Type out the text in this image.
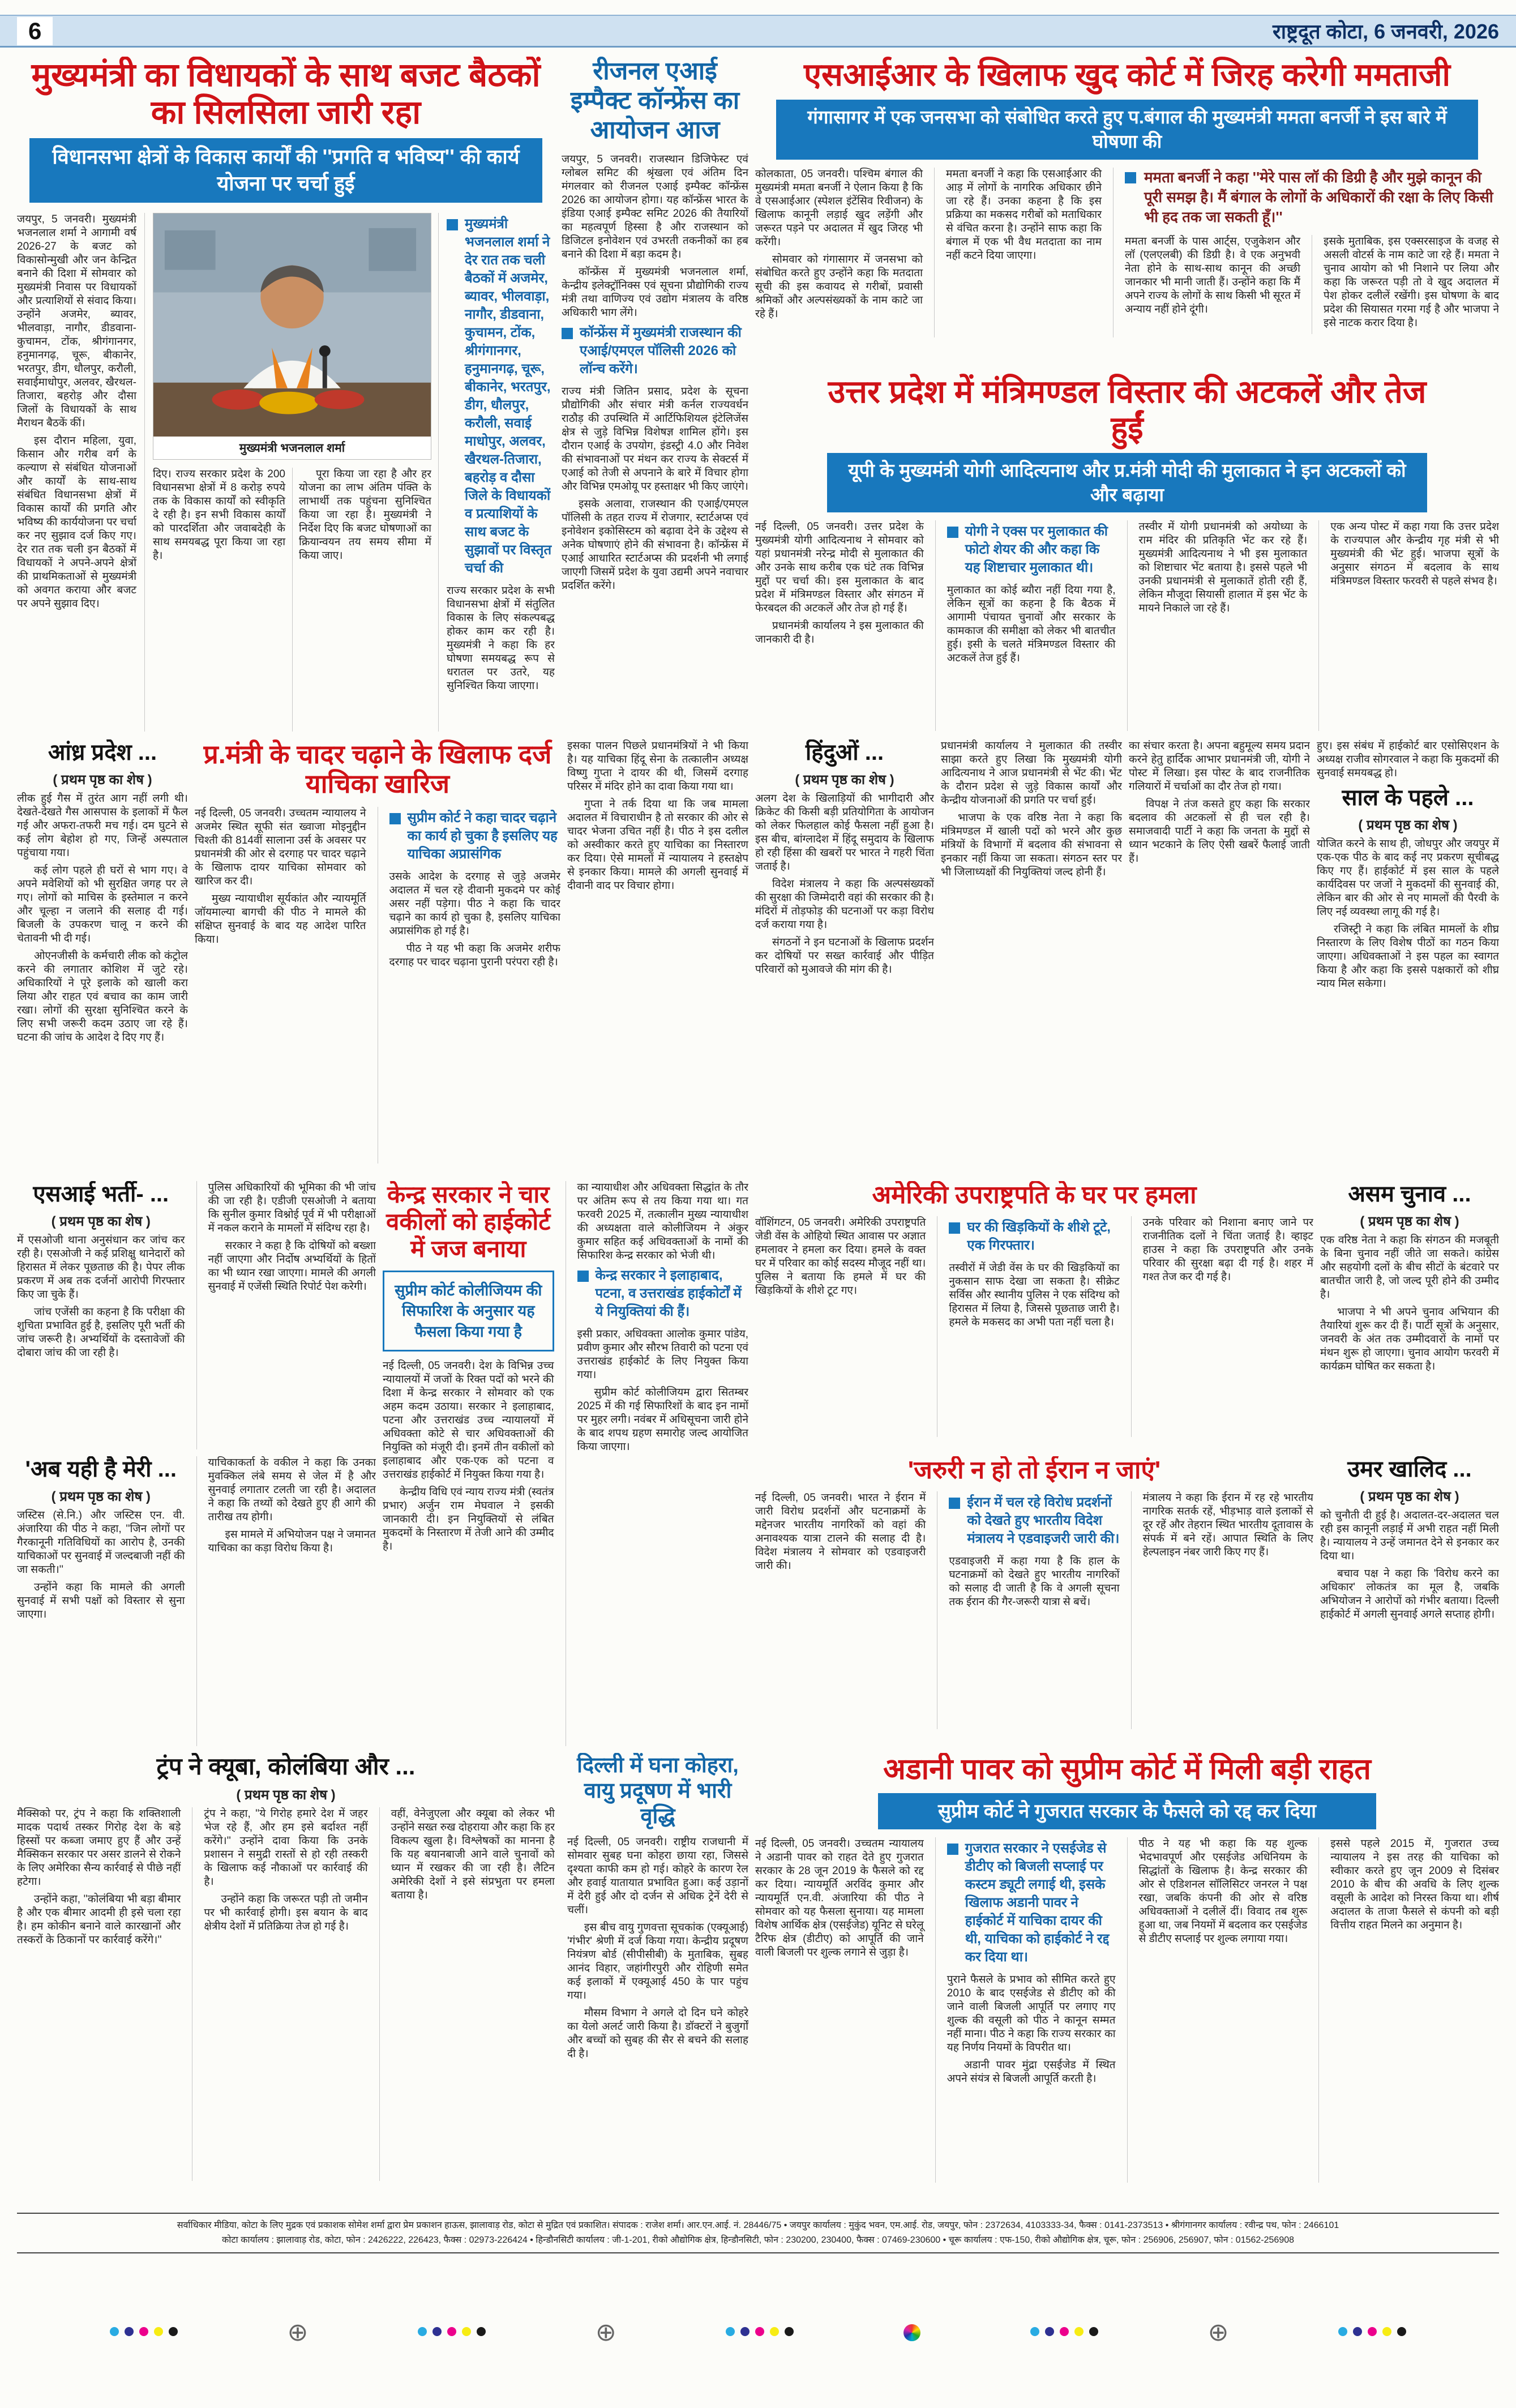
6	राष्ट्रदूत कोटा, 6 जनवरी, 2026
मुख्यमंत्री का विधायकों के साथ बजट बैठकों का सिलसिला जारी रहा
विधानसभा क्षेत्रों के विकास कार्यों की ''प्रगति व भविष्य'' की कार्य योजना पर चर्चा हुई

जयपुर, 5 जनवरी। मुख्यमंत्री भजनलाल शर्मा ने आगामी वर्ष 2026-27 के बजट को विकासोन्मुखी और जन केन्द्रित बनाने की दिशा में सोमवार को मुख्यमंत्री निवास पर विधायकों और प्रत्याशियों से संवाद किया। उन्होंने अजमेर, ब्यावर, भीलवाड़ा, नागौर, डीडवाना-कुचामन, टोंक, श्रीगंगानगर, हनुमानगढ़, चूरू, बीकानेर, भरतपुर, डीग, धौलपुर, करौली, सवाईमाधोपुर, अलवर, खैरथल-तिजारा, बहरोड़ और दौसा जिलों के विधायकों के साथ मैराथन बैठकें कीं।

इस दौरान महिला, युवा, किसान और गरीब वर्ग के कल्याण से संबंधित योजनाओं और कार्यों के साथ-साथ संबंधित विधानसभा क्षेत्रों में विकास कार्यों की प्रगति और भविष्य की कार्ययोजना पर चर्चा कर नए सुझाव दर्ज किए गए। देर रात तक चली इन बैठकों में विधायकों ने अपने-अपने क्षेत्रों की प्राथमिकताओं से मुख्यमंत्री को अवगत कराया और बजट पर अपने सुझाव दिए।

मुख्यमंत्री भजनलाल शर्मा
मुख्यमंत्री भजनलाल शर्मा ने देर रात तक चली बैठकों में अजमेर, ब्यावर, भीलवाड़ा, नागौर, डीडवाना, कुचामन, टोंक, श्रीगंगानगर, हनुमानगढ़, चूरू, बीकानेर, भरतपुर, डीग, धौलपुर, करौली, सवाई माधोपुर, अलवर, खैरथल-तिजारा, बहरोड़ व दौसा जिले के विधायकों व प्रत्याशियों के साथ बजट के सुझावों पर विस्तृत चर्चा की

राज्य सरकार प्रदेश के सभी विधानसभा क्षेत्रों में संतुलित विकास के लिए संकल्पबद्ध होकर काम कर रही है। मुख्यमंत्री ने कहा कि हर घोषणा समयबद्ध रूप से धरातल पर उतरे, यह सुनिश्चित किया जाएगा।

दिए। राज्य सरकार प्रदेश के 200 विधानसभा क्षेत्रों में 8 करोड़ रुपये तक के विकास कार्यों को स्वीकृति दे रही है। इन सभी विकास कार्यों को पारदर्शिता और जवाबदेही के साथ समयबद्ध पूरा किया जा रहा है।

पूरा किया जा रहा है और हर योजना का लाभ अंतिम पंक्ति के लाभार्थी तक पहुंचना सुनिश्चित किया जा रहा है। मुख्यमंत्री ने निर्देश दिए कि बजट घोषणाओं का क्रियान्वयन तय समय सीमा में किया जाए।

रीजनल एआई इम्पैक्ट कॉन्फ्रेंस का आयोजन आज

जयपुर, 5 जनवरी। राजस्थान डिजिफेस्ट एवं ग्लोबल समिट की श्रृंखला एवं अंतिम दिन मंगलवार को रीजनल एआई इम्पैक्ट कॉन्फ्रेंस 2026 का आयोजन होगा। यह कॉन्फ्रेंस भारत के इंडिया एआई इम्पैक्ट समिट 2026 की तैयारियों का महत्वपूर्ण हिस्सा है और राजस्थान को डिजिटल इनोवेशन एवं उभरती तकनीकों का हब बनाने की दिशा में बड़ा कदम है।

कॉन्फ्रेंस में मुख्यमंत्री भजनलाल शर्मा, केन्द्रीय इलेक्ट्रॉनिक्स एवं सूचना प्रौद्योगिकी राज्य मंत्री तथा वाणिज्य एवं उद्योग मंत्रालय के वरिष्ठ अधिकारी भाग लेंगे।

कॉन्फ्रेंस में मुख्यमंत्री राजस्थान की एआई/एमएल पॉलिसी 2026 को लॉन्च करेंगे।

राज्य मंत्री जितिन प्रसाद, प्रदेश के सूचना प्रौद्योगिकी और संचार मंत्री कर्नल राज्यवर्धन राठौड़ की उपस्थिति में आर्टिफिशियल इंटेलिजेंस क्षेत्र से जुड़े विभिन्न विशेषज्ञ शामिल होंगे। इस दौरान एआई के उपयोग, इंडस्ट्री 4.0 और निवेश की संभावनाओं पर मंथन कर राज्य के सेक्टर्स में एआई को तेजी से अपनाने के बारे में विचार होगा और विभिन्न एमओयू पर हस्ताक्षर भी किए जाएंगे।

इसके अलावा, राजस्थान की एआई/एमएल पॉलिसी के तहत राज्य में रोजगार, स्टार्टअप्स एवं इनोवेशन इकोसिस्टम को बढ़ावा देने के उद्देश्य से अनेक घोषणाएं होने की संभावना है। कॉन्फ्रेंस में एआई आधारित स्टार्टअप्स की प्रदर्शनी भी लगाई जाएगी जिसमें प्रदेश के युवा उद्यमी अपने नवाचार प्रदर्शित करेंगे।

एसआईआर के खिलाफ खुद कोर्ट में जिरह करेगी ममताजी
गंगासागर में एक जनसभा को संबोधित करते हुए प.बंगाल की मुख्यमंत्री ममता बनर्जी ने इस बारे में घोषणा की

कोलकाता, 05 जनवरी। पश्चिम बंगाल की मुख्यमंत्री ममता बनर्जी ने ऐलान किया है कि वे एसआईआर (स्पेशल इंटेंसिव रिवीजन) के खिलाफ कानूनी लड़ाई खुद लड़ेंगी और जरूरत पड़ने पर अदालत में खुद जिरह भी करेंगी।

सोमवार को गंगासागर में जनसभा को संबोधित करते हुए उन्होंने कहा कि मतदाता सूची की इस कवायद से गरीबों, प्रवासी श्रमिकों और अल्पसंख्यकों के नाम काटे जा रहे हैं।

ममता बनर्जी ने कहा कि एसआईआर की आड़ में लोगों के नागरिक अधिकार छीने जा रहे हैं। उनका कहना है कि इस प्रक्रिया का मकसद गरीबों को मताधिकार से वंचित करना है। उन्होंने साफ कहा कि बंगाल में एक भी वैध मतदाता का नाम नहीं कटने दिया जाएगा।

ममता बनर्जी ने कहा ''मेरे पास लॉ की डिग्री है और मुझे कानून की पूरी समझ है। मैं बंगाल के लोगों के अधिकारों की रक्षा के लिए किसी भी हद तक जा सकती हूँ।''

ममता बनर्जी के पास आर्ट्स, एजुकेशन और लॉ (एलएलबी) की डिग्री है। वे एक अनुभवी नेता होने के साथ-साथ कानून की अच्छी जानकार भी मानी जाती हैं। उन्होंने कहा कि मैं अपने राज्य के लोगों के साथ किसी भी सूरत में अन्याय नहीं होने दूंगी।

इसके मुताबिक, इस एक्सरसाइज के वजह से असली वोटर्स के नाम काटे जा रहे हैं। ममता ने चुनाव आयोग को भी निशाने पर लिया और कहा कि जरूरत पड़ी तो वे खुद अदालत में पेश होकर दलीलें रखेंगी। इस घोषणा के बाद प्रदेश की सियासत गरमा गई है और भाजपा ने इसे नाटक करार दिया है।

उत्तर प्रदेश में मंत्रिमण्डल विस्तार की अटकलें और तेज हुईं
यूपी के मुख्यमंत्री योगी आदित्यनाथ और प्र.मंत्री मोदी की मुलाकात ने इन अटकलों को और बढ़ाया

नई दिल्ली, 05 जनवरी। उत्तर प्रदेश के मुख्यमंत्री योगी आदित्यनाथ ने सोमवार को यहां प्रधानमंत्री नरेन्द्र मोदी से मुलाकात की और उनके साथ करीब एक घंटे तक विभिन्न मुद्दों पर चर्चा की। इस मुलाकात के बाद प्रदेश में मंत्रिमण्डल विस्तार और संगठन में फेरबदल की अटकलें और तेज हो गई हैं।

प्रधानमंत्री कार्यालय ने इस मुलाकात की जानकारी दी है।

योगी ने एक्स पर मुलाकात की फोटो शेयर की और कहा कि यह शिष्टाचार मुलाकात थी।

मुलाकात का कोई ब्यौरा नहीं दिया गया है, लेकिन सूत्रों का कहना है कि बैठक में आगामी पंचायत चुनावों और सरकार के कामकाज की समीक्षा को लेकर भी बातचीत हुई। इसी के चलते मंत्रिमण्डल विस्तार की अटकलें तेज हुई हैं।

तस्वीर में योगी प्रधानमंत्री को अयोध्या के राम मंदिर की प्रतिकृति भेंट कर रहे हैं। मुख्यमंत्री आदित्यनाथ ने भी इस मुलाकात को शिष्टाचार भेंट बताया है। इससे पहले भी उनकी प्रधानमंत्री से मुलाकातें होती रही हैं, लेकिन मौजूदा सियासी हालात में इस भेंट के मायने निकाले जा रहे हैं।

एक अन्य पोस्ट में कहा गया कि उत्तर प्रदेश के राज्यपाल और केन्द्रीय गृह मंत्री से भी मुख्यमंत्री की भेंट हुई। भाजपा सूत्रों के अनुसार संगठन में बदलाव के साथ मंत्रिमण्डल विस्तार फरवरी से पहले संभव है।

आंध्र प्रदेश ...
( प्रथम पृष्ठ का शेष )

लीक हुई गैस में तुरंत आग नहीं लगी थी। देखते-देखते गैस आसपास के इलाकों में फैल गई और अफरा-तफरी मच गई। दम घुटने से कई लोग बेहोश हो गए, जिन्हें अस्पताल पहुंचाया गया।

कई लोग पहले ही घरों से भाग गए। वे अपने मवेशियों को भी सुरक्षित जगह पर ले गए। लोगों को माचिस के इस्तेमाल न करने और चूल्हा न जलाने की सलाह दी गई। बिजली के उपकरण चालू न करने की चेतावनी भी दी गई।

ओएनजीसी के कर्मचारी लीक को कंट्रोल करने की लगातार कोशिश में जुटे रहे। अधिकारियों ने पूरे इलाके को खाली करा लिया और राहत एवं बचाव का काम जारी रखा। लोगों की सुरक्षा सुनिश्चित करने के लिए सभी जरूरी कदम उठाए जा रहे हैं। घटना की जांच के आदेश दे दिए गए हैं।

प्र.मंत्री के चादर चढ़ाने के खिलाफ दर्ज याचिका खारिज

नई दिल्ली, 05 जनवरी। उच्चतम न्यायालय ने अजमेर स्थित सूफी संत ख्वाजा मोइनुद्दीन चिश्ती की 814वीं सालाना उर्स के अवसर पर प्रधानमंत्री की ओर से दरगाह पर चादर चढ़ाने के खिलाफ दायर याचिका सोमवार को खारिज कर दी।

मुख्य न्यायाधीश सूर्यकांत और न्यायमूर्ति जॉयमाल्या बागची की पीठ ने मामले की संक्षिप्त सुनवाई के बाद यह आदेश पारित किया।

सुप्रीम कोर्ट ने कहा चादर चढ़ाने का कार्य हो चुका है इसलिए यह याचिका अप्रासंगिक

उसके आदेश के दरगाह से जुड़े अजमेर अदालत में चल रहे दीवानी मुकदमे पर कोई असर नहीं पड़ेगा। पीठ ने कहा कि चादर चढ़ाने का कार्य हो चुका है, इसलिए याचिका अप्रासंगिक हो गई है।

पीठ ने यह भी कहा कि अजमेर शरीफ दरगाह पर चादर चढ़ाना पुरानी परंपरा रही है।

इसका पालन पिछले प्रधानमंत्रियों ने भी किया है। यह याचिका हिंदू सेना के तत्कालीन अध्यक्ष विष्णु गुप्ता ने दायर की थी, जिसमें दरगाह परिसर में मंदिर होने का दावा किया गया था।

गुप्ता ने तर्क दिया था कि जब मामला अदालत में विचाराधीन है तो सरकार की ओर से चादर भेजना उचित नहीं है। पीठ ने इस दलील को अस्वीकार करते हुए याचिका का निस्तारण कर दिया। ऐसे मामलों में न्यायालय ने हस्तक्षेप से इनकार किया। मामले की अगली सुनवाई में दीवानी वाद पर विचार होगा।

हिंदुओं ...
( प्रथम पृष्ठ का शेष )

अलग देश के खिलाड़ियों की भागीदारी और क्रिकेट की किसी बड़ी प्रतियोगिता के आयोजन को लेकर फिलहाल कोई फैसला नहीं हुआ है। इस बीच, बांग्लादेश में हिंदू समुदाय के खिलाफ हो रही हिंसा की खबरों पर भारत ने गहरी चिंता जताई है।

विदेश मंत्रालय ने कहा कि अल्पसंख्यकों की सुरक्षा की जिम्मेदारी वहां की सरकार की है। मंदिरों में तोड़फोड़ की घटनाओं पर कड़ा विरोध दर्ज कराया गया है।

संगठनों ने इन घटनाओं के खिलाफ प्रदर्शन कर दोषियों पर सख्त कार्रवाई और पीड़ित परिवारों को मुआवजे की मांग की है।

प्रधानमंत्री कार्यालय ने मुलाकात की तस्वीर साझा करते हुए लिखा कि मुख्यमंत्री योगी आदित्यनाथ ने आज प्रधानमंत्री से भेंट की। भेंट के दौरान प्रदेश से जुड़े विकास कार्यों और केन्द्रीय योजनाओं की प्रगति पर चर्चा हुई।

भाजपा के एक वरिष्ठ नेता ने कहा कि मंत्रिमण्डल में खाली पदों को भरने और कुछ मंत्रियों के विभागों में बदलाव की संभावना से इनकार नहीं किया जा सकता। संगठन स्तर पर भी जिलाध्यक्षों की नियुक्तियां जल्द होनी हैं।

का संचार करता है। अपना बहुमूल्य समय प्रदान करने हेतु हार्दिक आभार प्रधानमंत्री जी, योगी ने पोस्ट में लिखा। इस पोस्ट के बाद राजनीतिक गलियारों में चर्चाओं का दौर तेज हो गया।

विपक्ष ने तंज कसते हुए कहा कि सरकार बदलाव की अटकलों से ही चल रही है। समाजवादी पार्टी ने कहा कि जनता के मुद्दों से ध्यान भटकाने के लिए ऐसी खबरें फैलाई जाती हैं।

हुए। इस संबंध में हाईकोर्ट बार एसोसिएशन के अध्यक्ष राजीव सोगरवाल ने कहा कि मुकदमों की सुनवाई समयबद्ध हो।

साल के पहले ...
( प्रथम पृष्ठ का शेष )

योजित करने के साथ ही, जोधपुर और जयपुर में एक-एक पीठ के बाद कई नए प्रकरण सूचीबद्ध किए गए हैं। हाईकोर्ट में इस साल के पहले कार्यदिवस पर जजों ने मुकदमों की सुनवाई की, लेकिन बार की ओर से नए मामलों की पैरवी के लिए नई व्यवस्था लागू की गई है।

रजिस्ट्री ने कहा कि लंबित मामलों के शीघ्र निस्तारण के लिए विशेष पीठों का गठन किया जाएगा। अधिवक्ताओं ने इस पहल का स्वागत किया है और कहा कि इससे पक्षकारों को शीघ्र न्याय मिल सकेगा।

एसआई भर्ती- ...
( प्रथम पृष्ठ का शेष )

में एसओजी थाना अनुसंधान कर जांच कर रही है। एसओजी ने कई प्रशिक्षु थानेदारों को हिरासत में लेकर पूछताछ की है। पेपर लीक प्रकरण में अब तक दर्जनों आरोपी गिरफ्तार किए जा चुके हैं।

जांच एजेंसी का कहना है कि परीक्षा की शुचिता प्रभावित हुई है, इसलिए पूरी भर्ती की जांच जरूरी है। अभ्यर्थियों के दस्तावेजों की दोबारा जांच की जा रही है।

पुलिस अधिकारियों की भूमिका की भी जांच की जा रही है। एडीजी एसओजी ने बताया कि सुनील कुमार विश्नोई पूर्व में भी परीक्षाओं में नकल कराने के मामलों में संदिग्ध रहा है।

सरकार ने कहा है कि दोषियों को बख्शा नहीं जाएगा और निर्दोष अभ्यर्थियों के हितों का भी ध्यान रखा जाएगा। मामले की अगली सुनवाई में एजेंसी स्थिति रिपोर्ट पेश करेगी।

'अब यही है मेरी ...
( प्रथम पृष्ठ का शेष )

जस्टिस (से.नि.) और जस्टिस एन. वी. अंजारिया की पीठ ने कहा, ''जिन लोगों पर गैरकानूनी गतिविधियों का आरोप है, उनकी याचिकाओं पर सुनवाई में जल्दबाजी नहीं की जा सकती।''

उन्होंने कहा कि मामले की अगली सुनवाई में सभी पक्षों को विस्तार से सुना जाएगा।

याचिकाकर्ता के वकील ने कहा कि उनका मुवक्किल लंबे समय से जेल में है और सुनवाई लगातार टलती जा रही है। अदालत ने कहा कि तथ्यों को देखते हुए ही आगे की तारीख तय होगी।

इस मामले में अभियोजन पक्ष ने जमानत याचिका का कड़ा विरोध किया है।

केन्द्र सरकार ने चार वकीलों को हाईकोर्ट में जज बनाया
सुप्रीम कोर्ट कोलीजियम की सिफारिश के अनुसार यह फैसला किया गया है

नई दिल्ली, 05 जनवरी। देश के विभिन्न उच्च न्यायालयों में जजों के रिक्त पदों को भरने की दिशा में केन्द्र सरकार ने सोमवार को एक अहम कदम उठाया। सरकार ने इलाहाबाद, पटना और उत्तराखंड उच्च न्यायालयों में अधिवक्ता कोटे से चार अधिवक्ताओं की नियुक्ति को मंजूरी दी। इनमें तीन वकीलों को इलाहाबाद और एक-एक को पटना व उत्तराखंड हाईकोर्ट में नियुक्त किया गया है।

केन्द्रीय विधि एवं न्याय राज्य मंत्री (स्वतंत्र प्रभार) अर्जुन राम मेघवाल ने इसकी जानकारी दी। इन नियुक्तियों से लंबित मुकदमों के निस्तारण में तेजी आने की उम्मीद है।

का न्यायाधीश और अधिवक्ता सिद्धांत के तौर पर अंतिम रूप से तय किया गया था। गत फरवरी 2025 में, तत्कालीन मुख्य न्यायाधीश की अध्यक्षता वाले कोलीजियम ने अंकुर कुमार सहित कई अधिवक्ताओं के नामों की सिफारिश केन्द्र सरकार को भेजी थी।

केन्द्र सरकार ने इलाहाबाद, पटना, व उत्तराखंड हाईकोर्टों में ये नियुक्तियां की हैं।

इसी प्रकार, अधिवक्ता आलोक कुमार पांडेय, प्रवीण कुमार और सौरभ तिवारी को पटना एवं उत्तराखंड हाईकोर्ट के लिए नियुक्त किया गया।

सुप्रीम कोर्ट कोलीजियम द्वारा सितम्बर 2025 में की गई सिफारिशों के बाद इन नामों पर मुहर लगी। नवंबर में अधिसूचना जारी होने के बाद शपथ ग्रहण समारोह जल्द आयोजित किया जाएगा।

अमेरिकी उपराष्ट्रपति के घर पर हमला

वॉशिंगटन, 05 जनवरी। अमेरिकी उपराष्ट्रपति जेडी वेंस के ओहियो स्थित आवास पर अज्ञात हमलावर ने हमला कर दिया। हमले के वक्त घर में परिवार का कोई सदस्य मौजूद नहीं था। पुलिस ने बताया कि हमले में घर की खिड़कियों के शीशे टूट गए।

घर की खिड़कियों के शीशे टूटे, एक गिरफ्तार।

तस्वीरों में जेडी वेंस के घर की खिड़कियों का नुकसान साफ देखा जा सकता है। सीक्रेट सर्विस और स्थानीय पुलिस ने एक संदिग्ध को हिरासत में लिया है, जिससे पूछताछ जारी है। हमले के मकसद का अभी पता नहीं चला है।

उनके परिवार को निशाना बनाए जाने पर राजनीतिक दलों ने चिंता जताई है। व्हाइट हाउस ने कहा कि उपराष्ट्रपति और उनके परिवार की सुरक्षा बढ़ा दी गई है। शहर में गश्त तेज कर दी गई है।

'जरुरी न हो तो ईरान न जाएं'

नई दिल्ली, 05 जनवरी। भारत ने ईरान में जारी विरोध प्रदर्शनों और घटनाक्रमों के मद्देनजर भारतीय नागरिकों को वहां की अनावश्यक यात्रा टालने की सलाह दी है। विदेश मंत्रालय ने सोमवार को एडवाइजरी जारी की।

ईरान में चल रहे विरोध प्रदर्शनों को देखते हुए भारतीय विदेश मंत्रालय ने एडवाइजरी जारी की।

एडवाइजरी में कहा गया है कि हाल के घटनाक्रमों को देखते हुए भारतीय नागरिकों को सलाह दी जाती है कि वे अगली सूचना तक ईरान की गैर-जरूरी यात्रा से बचें।

मंत्रालय ने कहा कि ईरान में रह रहे भारतीय नागरिक सतर्क रहें, भीड़भाड़ वाले इलाकों से दूर रहें और तेहरान स्थित भारतीय दूतावास के संपर्क में बने रहें। आपात स्थिति के लिए हेल्पलाइन नंबर जारी किए गए हैं।

असम चुनाव ...
( प्रथम पृष्ठ का शेष )

एक वरिष्ठ नेता ने कहा कि संगठन की मजबूती के बिना चुनाव नहीं जीते जा सकते। कांग्रेस और सहयोगी दलों के बीच सीटों के बंटवारे पर बातचीत जारी है, जो जल्द पूरी होने की उम्मीद है।

भाजपा ने भी अपने चुनाव अभियान की तैयारियां शुरू कर दी हैं। पार्टी सूत्रों के अनुसार, जनवरी के अंत तक उम्मीदवारों के नामों पर मंथन शुरू हो जाएगा। चुनाव आयोग फरवरी में कार्यक्रम घोषित कर सकता है।

उमर खालिद ...
( प्रथम पृष्ठ का शेष )

को चुनौती दी हुई है। अदालत-दर-अदालत चल रही इस कानूनी लड़ाई में अभी राहत नहीं मिली है। न्यायालय ने उन्हें जमानत देने से इनकार कर दिया था।

बचाव पक्ष ने कहा कि 'विरोध करने का अधिकार' लोकतंत्र का मूल है, जबकि अभियोजन ने आरोपों को गंभीर बताया। दिल्ली हाईकोर्ट में अगली सुनवाई अगले सप्ताह होगी।

ट्रंप ने क्यूबा, कोलंबिया और ...
( प्रथम पृष्ठ का शेष )

मैक्सिको पर, ट्रंप ने कहा कि शक्तिशाली मादक पदार्थ तस्कर गिरोह देश के बड़े हिस्सों पर कब्जा जमाए हुए हैं और उन्हें मैक्सिकन सरकार पर असर डालने से रोकने के लिए अमेरिका सैन्य कार्रवाई से पीछे नहीं हटेगा।

उन्होंने कहा, ''कोलंबिया भी बड़ा बीमार है और एक बीमार आदमी ही इसे चला रहा है। हम कोकीन बनाने वाले कारखानों और तस्करों के ठिकानों पर कार्रवाई करेंगे।''

ट्रंप ने कहा, ''ये गिरोह हमारे देश में जहर भेज रहे हैं, और हम इसे बर्दाश्त नहीं करेंगे।'' उन्होंने दावा किया कि उनके प्रशासन ने समुद्री रास्तों से हो रही तस्करी के खिलाफ कई नौकाओं पर कार्रवाई की है।

उन्होंने कहा कि जरूरत पड़ी तो जमीन पर भी कार्रवाई होगी। इस बयान के बाद क्षेत्रीय देशों में प्रतिक्रिया तेज हो गई है।

वहीं, वेनेजुएला और क्यूबा को लेकर भी उन्होंने सख्त रुख दोहराया और कहा कि हर विकल्प खुला है। विश्लेषकों का मानना है कि यह बयानबाजी आने वाले चुनावों को ध्यान में रखकर की जा रही है। लैटिन अमेरिकी देशों ने इसे संप्रभुता पर हमला बताया है।

दिल्ली में घना कोहरा, वायु प्रदूषण में भारी वृद्धि

नई दिल्ली, 05 जनवरी। राष्ट्रीय राजधानी में सोमवार सुबह घना कोहरा छाया रहा, जिससे दृश्यता काफी कम हो गई। कोहरे के कारण रेल और हवाई यातायात प्रभावित हुआ। कई उड़ानों में देरी हुई और दो दर्जन से अधिक ट्रेनें देरी से चलीं।

इस बीच वायु गुणवत्ता सूचकांक (एक्यूआई) 'गंभीर' श्रेणी में दर्ज किया गया। केन्द्रीय प्रदूषण नियंत्रण बोर्ड (सीपीसीबी) के मुताबिक, सुबह आनंद विहार, जहांगीरपुरी और रोहिणी समेत कई इलाकों में एक्यूआई 450 के पार पहुंच गया।

मौसम विभाग ने अगले दो दिन घने कोहरे का येलो अलर्ट जारी किया है। डॉक्टरों ने बुजुर्गों और बच्चों को सुबह की सैर से बचने की सलाह दी है।

अडानी पावर को सुप्रीम कोर्ट में मिली बड़ी राहत
सुप्रीम कोर्ट ने गुजरात सरकार के फैसले को रद्द कर दिया

नई दिल्ली, 05 जनवरी। उच्चतम न्यायालय ने अडानी पावर को राहत देते हुए गुजरात सरकार के 28 जून 2019 के फैसले को रद्द कर दिया। न्यायमूर्ति अरविंद कुमार और न्यायमूर्ति एन.वी. अंजारिया की पीठ ने सोमवार को यह फैसला सुनाया। यह मामला विशेष आर्थिक क्षेत्र (एसईजेड) यूनिट से घरेलू टैरिफ क्षेत्र (डीटीए) को आपूर्ति की जाने वाली बिजली पर शुल्क लगाने से जुड़ा है।

गुजरात सरकार ने एसईजेड से डीटीए को बिजली सप्लाई पर कस्टम ड्यूटी लगाई थी, इसके खिलाफ अडानी पावर ने हाईकोर्ट में याचिका दायर की थी, याचिका को हाईकोर्ट ने रद्द कर दिया था।

पुराने फैसले के प्रभाव को सीमित करते हुए 2010 के बाद एसईजेड से डीटीए को की जाने वाली बिजली आपूर्ति पर लगाए गए शुल्क की वसूली को पीठ ने कानून सम्मत नहीं माना। पीठ ने कहा कि राज्य सरकार का यह निर्णय नियमों के विपरीत था।

अडानी पावर मुंद्रा एसईजेड में स्थित अपने संयंत्र से बिजली आपूर्ति करती है।

पीठ ने यह भी कहा कि यह शुल्क भेदभावपूर्ण और एसईजेड अधिनियम के सिद्धांतों के खिलाफ है। केन्द्र सरकार की ओर से एडिशनल सॉलिसिटर जनरल ने पक्ष रखा, जबकि कंपनी की ओर से वरिष्ठ अधिवक्ताओं ने दलीलें दीं। विवाद तब शुरू हुआ था, जब नियमों में बदलाव कर एसईजेड से डीटीए सप्लाई पर शुल्क लगाया गया।

इससे पहले 2015 में, गुजरात उच्च न्यायालय ने इस तरह की याचिका को स्वीकार करते हुए जून 2009 से दिसंबर 2010 के बीच की अवधि के लिए शुल्क वसूली के आदेश को निरस्त किया था। शीर्ष अदालत के ताजा फैसले से कंपनी को बड़ी वित्तीय राहत मिलने का अनुमान है।

सर्वाधिकार मीडिया, कोटा के लिए मुद्रक एवं प्रकाशक सोमेश शर्मा द्वारा प्रेम प्रकाशन हाऊस, झालावाड़ रोड, कोटा से मुद्रित एवं प्रकाशित। संपादक : राजेश शर्मा। आर.एन.आई. नं. 28446/75 • जयपुर कार्यालय : मुकुंद भवन, एम.आई. रोड, जयपुर, फोन : 2372634, 4103333-34, फैक्स : 0141-2373513 • श्रीगंगानगर कार्यालय : रवीन्द्र पथ, फोन : 2466101
कोटा कार्यालय : झालावाड़ रोड, कोटा, फोन : 2426222, 226423, फैक्स : 02973-226424 • हिन्डौनसिटी कार्यालय : जी-1-201, रीको औद्योगिक क्षेत्र, हिन्डौनसिटी, फोन : 230200, 230400, फैक्स : 07469-230600 • चूरू कार्यालय : एफ-150, रीको औद्योगिक क्षेत्र, चूरू, फोन : 256906, 256907, फोन : 01562-256908
⊕	⊕	⊕
